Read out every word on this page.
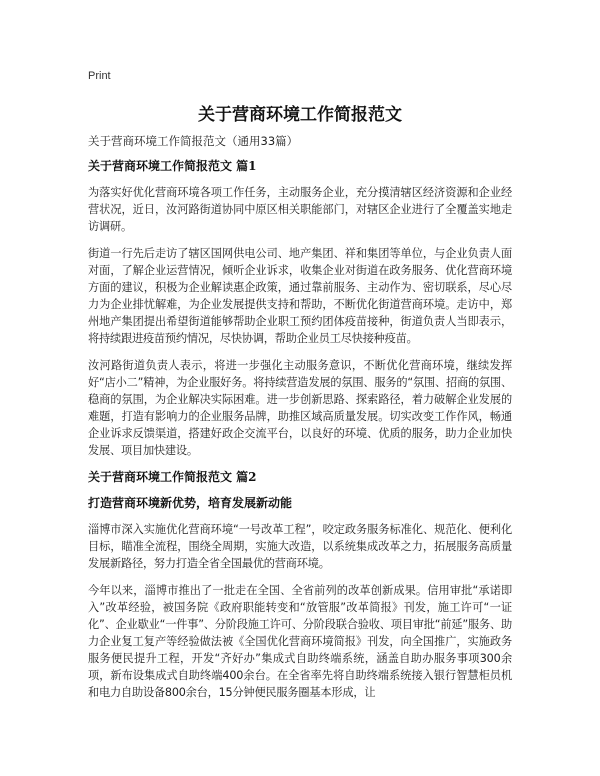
Print
关于营商环境工作简报范文
关于营商环境工作简报范文（通用33篇）
关于营商环境工作简报范文 篇1
为落实好优化营商环境各项工作任务，主动服务企业，充分摸清辖区经济资源和企业经营状况，近日，汝河路街道协同中原区相关职能部门，对辖区企业进行了全覆盖实地走访调研。
街道一行先后走访了辖区国网供电公司、地产集团、祥和集团等单位，与企业负责人面对面，了解企业运营情况，倾听企业诉求，收集企业对街道在政务服务、优化营商环境方面的建议，积极为企业解读惠企政策，通过靠前服务、主动作为、密切联系，尽心尽力为企业排忧解难，为企业发展提供支持和帮助，不断优化街道营商环境。走访中，郑州地产集团提出希望街道能够帮助企业职工预约团体疫苗接种，街道负责人当即表示，将持续跟进疫苗预约情况，尽快协调，帮助企业员工尽快接种疫苗。
汝河路街道负责人表示，将进一步强化主动服务意识，不断优化营商环境，继续发挥好“店小二”精神，为企业服好务。将持续营造发展的氛围、服务的“氛围、招商的氛围、稳商的氛围，为企业解决实际困难。进一步创新思路、探索路径，着力破解企业发展的难题，打造有影响力的企业服务品牌，助推区域高质量发展。切实改变工作作风，畅通企业诉求反馈渠道，搭建好政企交流平台，以良好的环境、优质的服务，助力企业加快发展、项目加快建设。
关于营商环境工作简报范文 篇2
打造营商环境新优势，培育发展新动能
淄博市深入实施优化营商环境“一号改革工程”，咬定政务服务标准化、规范化、便利化目标，瞄准全流程，围绕全周期，实施大改造，以系统集成改革之力，拓展服务高质量发展新路径，努力打造全省全国最优的营商环境。
今年以来，淄博市推出了一批走在全国、全省前列的改革创新成果。信用审批“承诺即入”改革经验，被国务院《政府职能转变和“放管服”改革简报》刊发，施工许可“一证化”、企业歇业“一件事”、分阶段施工许可、分阶段联合验收、项目审批“前延”服务、助力企业复工复产等经验做法被《全国优化营商环境简报》刊发，向全国推广，实施政务服务便民提升工程，开发“齐好办”集成式自助终端系统，涵盖自助办服务事项300余项，新布设集成式自助终端400余台。在全省率先将自助终端系统接入银行智慧柜员机和电力自助设备800余台，15分钟便民服务圈基本形成，让
